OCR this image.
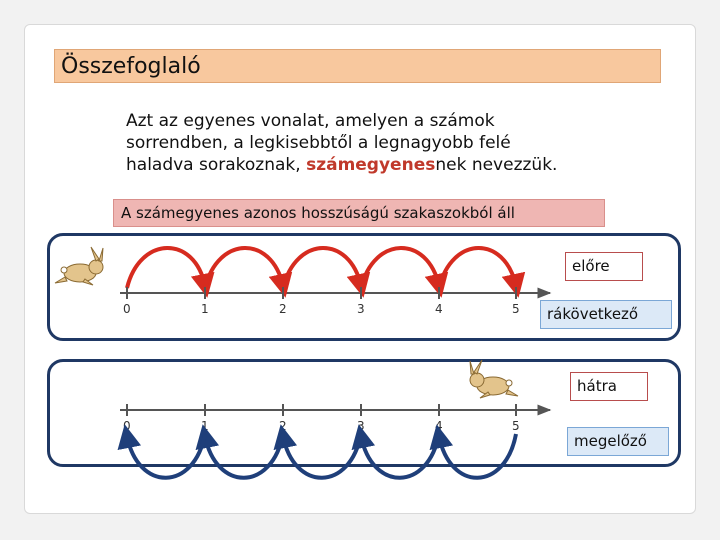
Összefoglaló
Azt az egyenes vonalat, amelyen a számok
sorrendben, a legkisebbtől a legnagyobb felé
haladva sorakoznak, számegyenesnek nevezzük.
A számegyenes azonos hosszúságú szakaszokból áll
0	1	2	3	4	5
0	1	2	3	4	5
előre
rákövetkező
hátra
megelőző
